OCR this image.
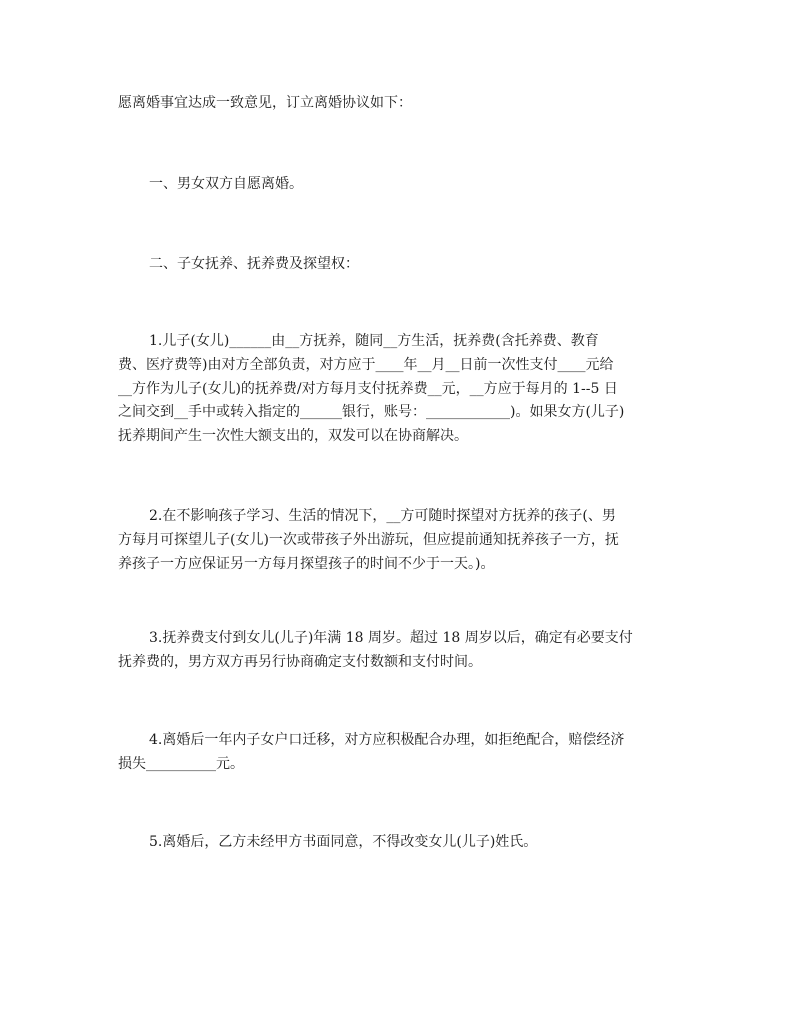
愿离婚事宜达成一致意见，订立离婚协议如下：

一、男女双方自愿离婚。

二、子女抚养、抚养费及探望权：

1.儿子(女儿)______由__方抚养，随同__方生活，抚养费(含托养费、教育
费、医疗费等)由对方全部负责，对方应于____年__月__日前一次性支付____元给
__方作为儿子(女儿)的抚养费/对方每月支付抚养费__元，__方应于每月的 1--5 日
之间交到__手中或转入指定的______银行，账号：____________)。如果女方(儿子)
抚养期间产生一次性大额支出的，双发可以在协商解决。

2.在不影响孩子学习、生活的情况下，__方可随时探望对方抚养的孩子(、男
方每月可探望儿子(女儿)一次或带孩子外出游玩，但应提前通知抚养孩子一方，抚
养孩子一方应保证另一方每月探望孩子的时间不少于一天。)。

3.抚养费支付到女儿(儿子)年满 18 周岁。超过 18 周岁以后，确定有必要支付
抚养费的，男方双方再另行协商确定支付数额和支付时间。

4.离婚后一年内子女户口迁移，对方应积极配合办理，如拒绝配合，赔偿经济
损失__________元。

5.离婚后，乙方未经甲方书面同意，不得改变女儿(儿子)姓氏。
